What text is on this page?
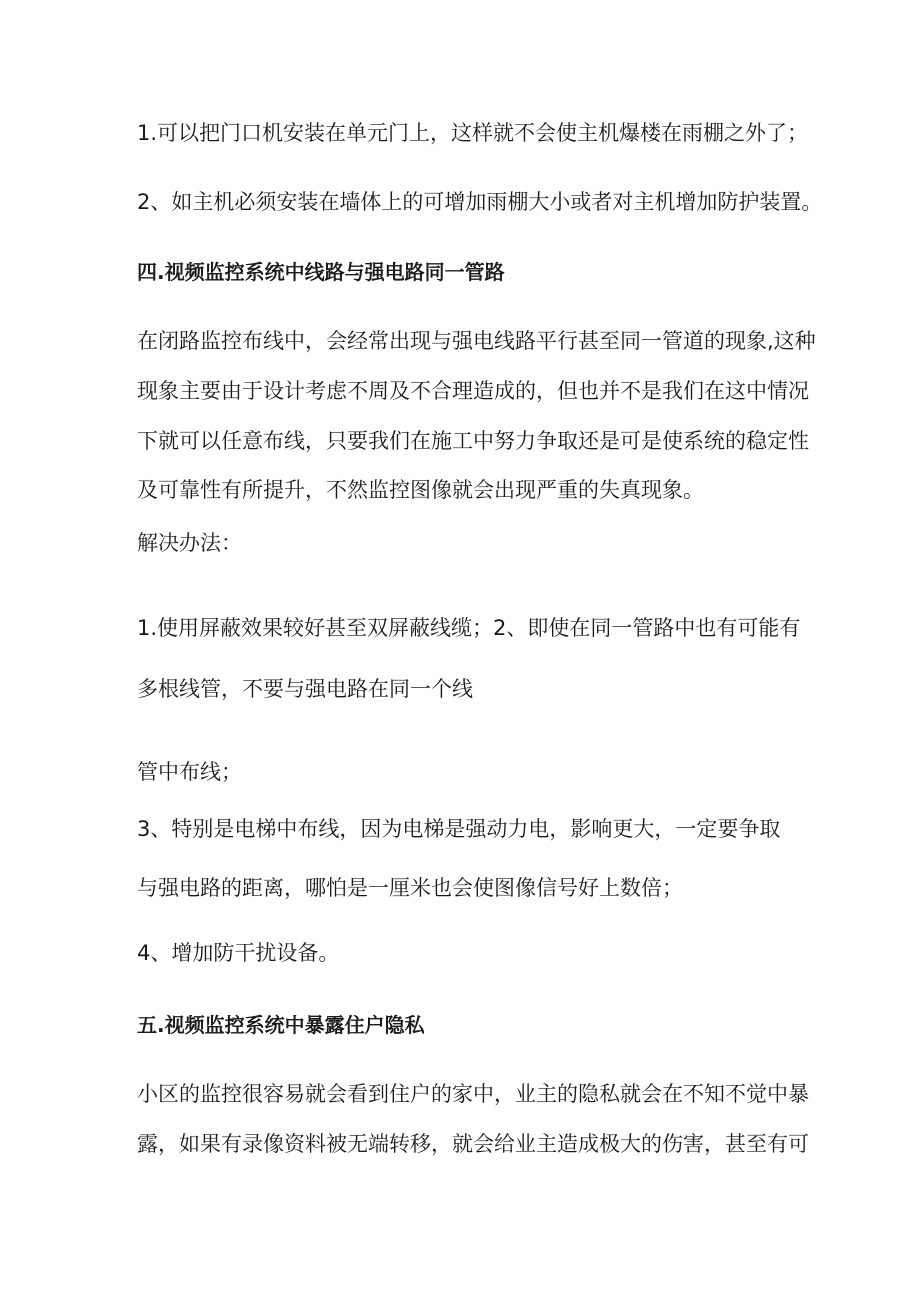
1.可以把门口机安装在单元门上，这样就不会使主机爆楼在雨棚之外了；
2、如主机必须安装在墙体上的可增加雨棚大小或者对主机增加防护装置。
四.视频监控系统中线路与强电路同一管路
在闭路监控布线中，会经常出现与强电线路平行甚至同一管道的现象,这种
现象主要由于设计考虑不周及不合理造成的，但也并不是我们在这中情况
下就可以任意布线，只要我们在施工中努力争取还是可是使系统的稳定性
及可靠性有所提升，不然监控图像就会出现严重的失真现象。
解决办法：
1.使用屏蔽效果较好甚至双屏蔽线缆；2、即使在同一管路中也有可能有
多根线管，不要与强电路在同一个线
管中布线；
3、特别是电梯中布线，因为电梯是强动力电，影响更大，一定要争取
与强电路的距离，哪怕是一厘米也会使图像信号好上数倍；
4、增加防干扰设备。
五.视频监控系统中暴露住户隐私
小区的监控很容易就会看到住户的家中，业主的隐私就会在不知不觉中暴
露，如果有录像资料被无端转移，就会给业主造成极大的伤害，甚至有可
